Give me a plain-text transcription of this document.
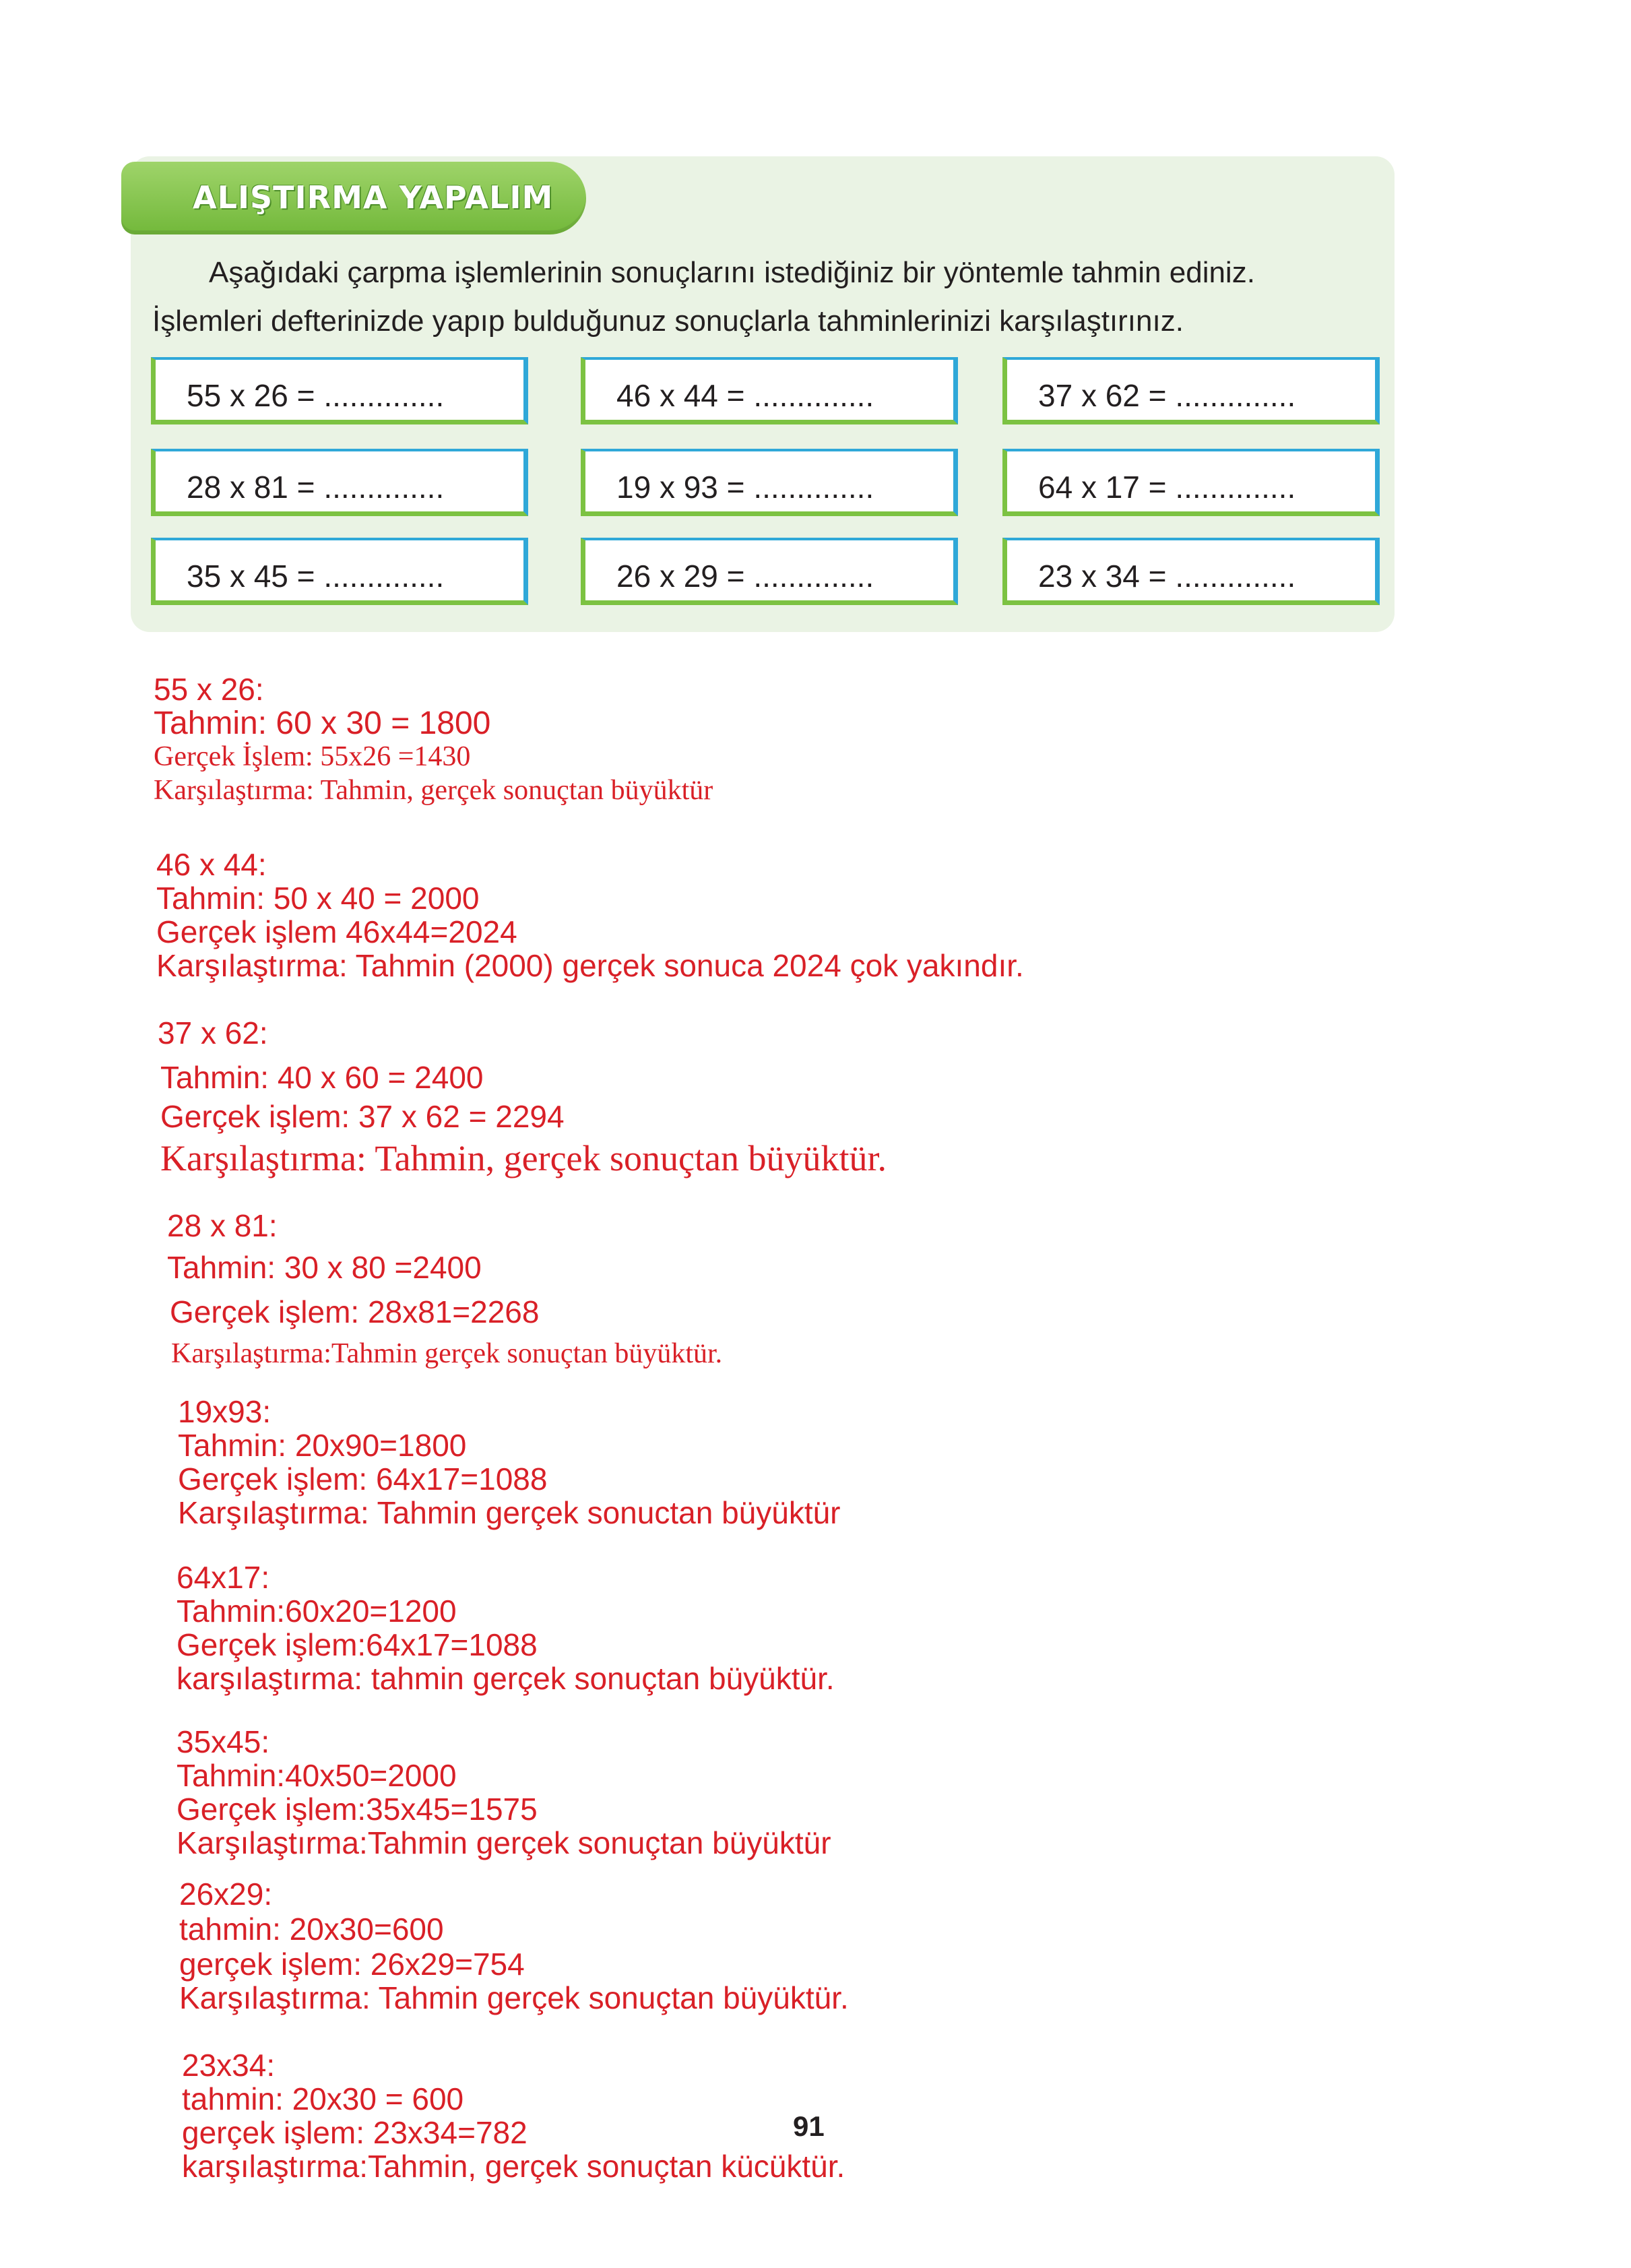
ALIŞTIRMA YAPALIM
Aşağıdaki çarpma işlemlerinin sonuçlarını istediğiniz bir yöntemle tahmin ediniz.
İşlemleri defterinizde yapıp bulduğunuz sonuçlarla tahminlerinizi karşılaştırınız.
55 x 26 = ..............	46 x 44 = ..............	37 x 62 = ..............
28 x 81 = ..............	19 x 93 = ..............	64 x 17 = ..............
35 x 45 = ..............	26 x 29 = ..............	23 x 34 = ..............
55 x 26:
Tahmin: 60 x 30 = 1800
Gerçek İşlem: 55x26 =1430
Karşılaştırma: Tahmin, gerçek sonuçtan büyüktür
46 x 44:
Tahmin: 50 x 40 = 2000
Gerçek işlem 46x44=2024
Karşılaştırma: Tahmin (2000) gerçek sonuca 2024 çok yakındır.
37 x 62:
Tahmin: 40 x 60 = 2400
Gerçek işlem: 37 x 62 = 2294
Karşılaştırma: Tahmin, gerçek sonuçtan büyüktür.
28 x 81:
Tahmin: 30 x 80 =2400
Gerçek işlem: 28x81=2268
Karşılaştırma:Tahmin gerçek sonuçtan büyüktür.
19x93:
Tahmin: 20x90=1800
Gerçek işlem: 64x17=1088
Karşılaştırma: Tahmin gerçek sonuctan büyüktür
64x17:
Tahmin:60x20=1200
Gerçek işlem:64x17=1088
karşılaştırma: tahmin gerçek sonuçtan büyüktür.
35x45:
Tahmin:40x50=2000
Gerçek işlem:35x45=1575
Karşılaştırma:Tahmin gerçek sonuçtan büyüktür
26x29:
tahmin: 20x30=600
gerçek işlem: 26x29=754
Karşılaştırma: Tahmin gerçek sonuçtan büyüktür.
23x34:
tahmin: 20x30 = 600
gerçek işlem: 23x34=782
karşılaştırma:Tahmin, gerçek sonuçtan kücüktür.
91
